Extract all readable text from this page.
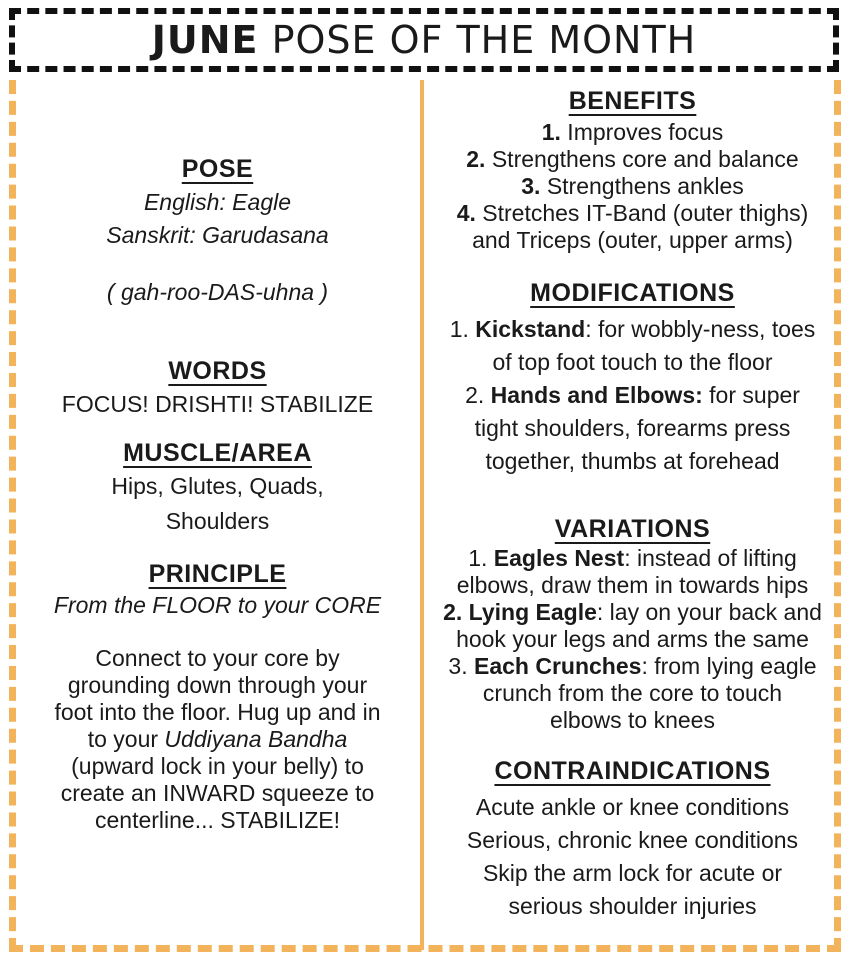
JUNE POSE OF THE MONTH
POSE
English: Eagle
Sanskrit: Garudasana
( gah-roo-DAS-uhna )
WORDS
FOCUS! DRISHTI! STABILIZE
MUSCLE/AREA
Hips, Glutes, Quads,
Shoulders
PRINCIPLE
From the FLOOR to your CORE
Connect to your core by
grounding down through your
foot into the floor. Hug up and in
to your Uddiyana Bandha
(upward lock in your belly) to
create an INWARD squeeze to
centerline... STABILIZE!
BENEFITS
1. Improves focus
2. Strengthens core and balance
3. Strengthens ankles
4. Stretches IT-Band (outer thighs)
and Triceps (outer, upper arms)
MODIFICATIONS
1. Kickstand: for wobbly-ness, toes
of top foot touch to the floor
2. Hands and Elbows: for super
tight shoulders, forearms press
together, thumbs at forehead
VARIATIONS
1. Eagles Nest: instead of lifting
elbows, draw them in towards hips
2. Lying Eagle: lay on your back and
hook your legs and arms the same
3. Each Crunches: from lying eagle
crunch from the core to touch
elbows to knees
CONTRAINDICATIONS
Acute ankle or knee conditions
Serious, chronic knee conditions
Skip the arm lock for acute or
serious shoulder injuries
